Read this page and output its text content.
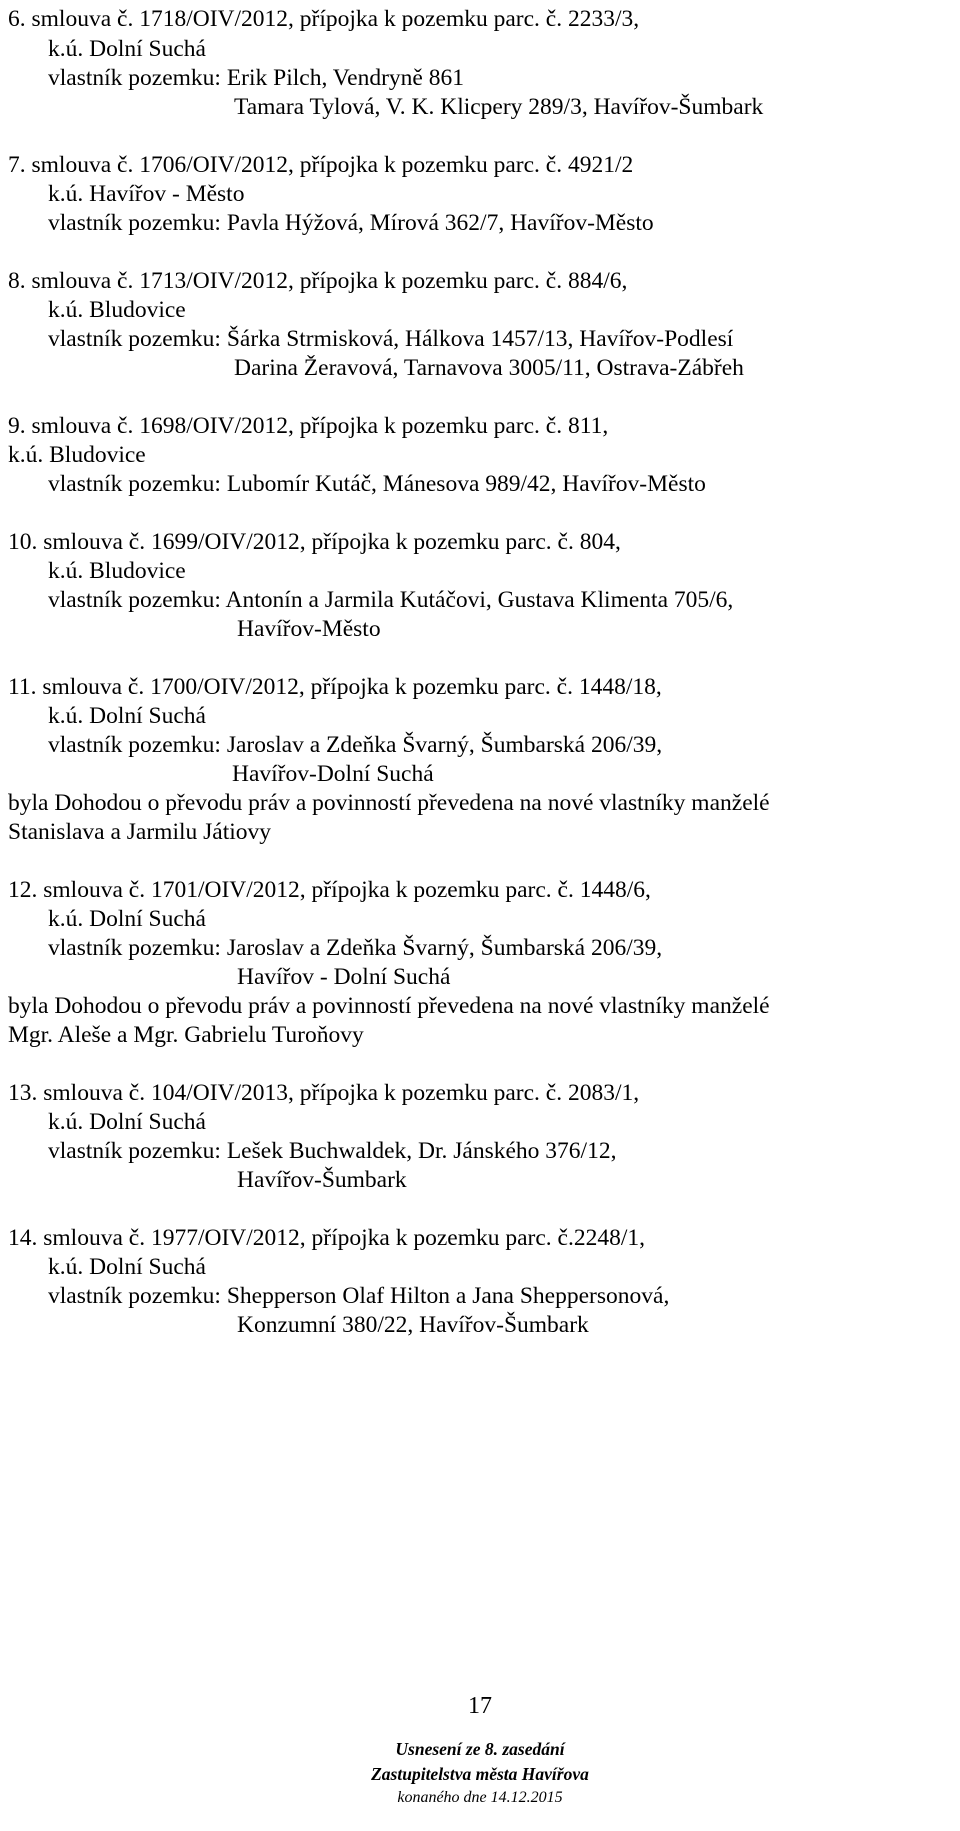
6. smlouva č. 1718/OIV/2012, přípojka k pozemku parc. č. 2233/3,

k.ú. Dolní Suchá

vlastník pozemku: Erik Pilch, Vendryně 861

Tamara Tylová, V. K. Klicpery 289/3, Havířov-Šumbark

7. smlouva č. 1706/OIV/2012, přípojka k pozemku parc. č. 4921/2

k.ú. Havířov - Město

vlastník pozemku: Pavla Hýžová, Mírová 362/7, Havířov-Město

8. smlouva č. 1713/OIV/2012, přípojka k pozemku parc. č. 884/6,

k.ú. Bludovice

vlastník pozemku: Šárka Strmisková, Hálkova 1457/13, Havířov-Podlesí

Darina Žeravová, Tarnavova 3005/11, Ostrava-Zábřeh

9. smlouva č. 1698/OIV/2012, přípojka k pozemku parc. č. 811,

k.ú. Bludovice

vlastník pozemku: Lubomír Kutáč, Mánesova 989/42, Havířov-Město

10. smlouva č. 1699/OIV/2012, přípojka k pozemku parc. č. 804,

k.ú. Bludovice

vlastník pozemku: Antonín a Jarmila Kutáčovi, Gustava Klimenta 705/6,

Havířov-Město

11. smlouva č. 1700/OIV/2012, přípojka k pozemku parc. č. 1448/18,

k.ú. Dolní Suchá

vlastník pozemku: Jaroslav a Zdeňka Švarný, Šumbarská 206/39,

Havířov-Dolní Suchá

byla Dohodou o převodu práv a povinností převedena na nové vlastníky manželé

Stanislava a Jarmilu Játiovy

12. smlouva č. 1701/OIV/2012, přípojka k pozemku parc. č. 1448/6,

k.ú. Dolní Suchá

vlastník pozemku: Jaroslav a Zdeňka Švarný, Šumbarská 206/39,

Havířov - Dolní Suchá

byla Dohodou o převodu práv a povinností převedena na nové vlastníky manželé

Mgr. Aleše a Mgr. Gabrielu Turoňovy

13. smlouva č. 104/OIV/2013, přípojka k pozemku parc. č. 2083/1,

k.ú. Dolní Suchá

vlastník pozemku: Lešek Buchwaldek, Dr. Jánského 376/12,

Havířov-Šumbark

14. smlouva č. 1977/OIV/2012, přípojka k pozemku parc. č.2248/1,

k.ú. Dolní Suchá

vlastník pozemku: Shepperson Olaf Hilton a Jana Sheppersonová,

Konzumní 380/22, Havířov-Šumbark

17

Usnesení ze 8. zasedání

Zastupitelstva města Havířova

konaného dne 14.12.2015
